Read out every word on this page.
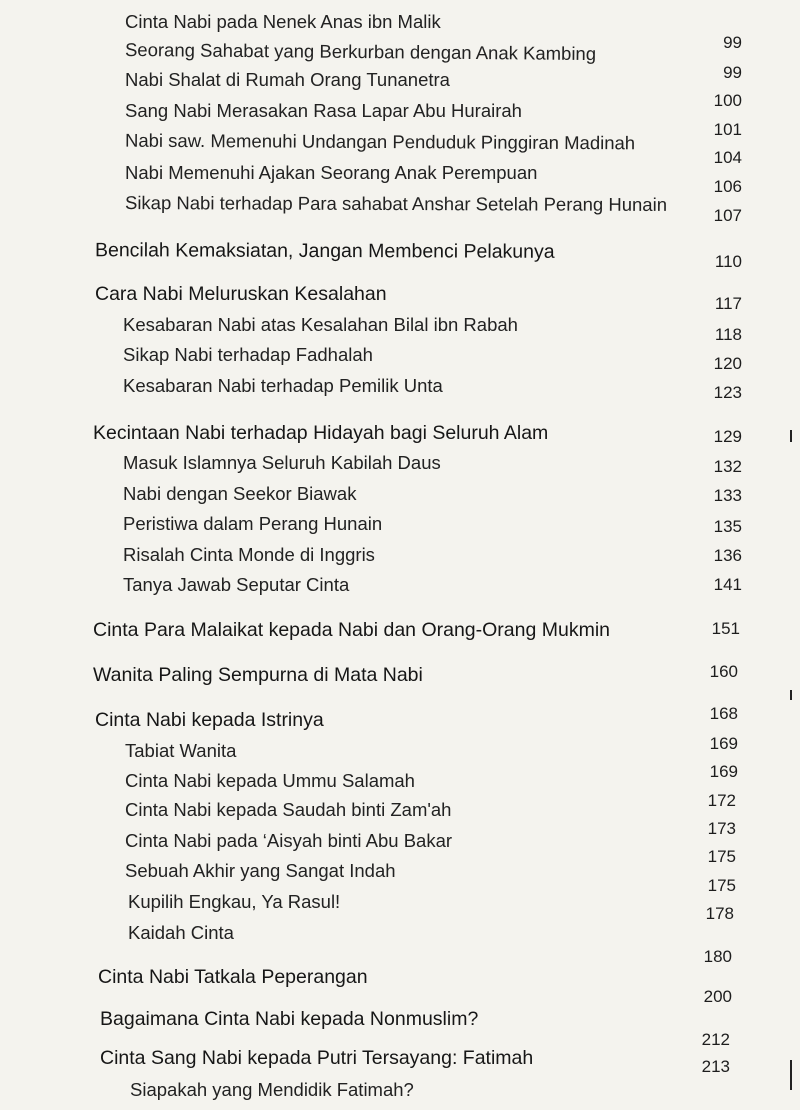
Cinta Nabi pada Nenek Anas ibn Malik
Seorang Sahabat yang Berkurban dengan Anak Kambing
Nabi Shalat di Rumah Orang Tunanetra
Sang Nabi Merasakan Rasa Lapar Abu Hurairah
Nabi saw. Memenuhi Undangan Penduduk Pinggiran Madinah
Nabi Memenuhi Ajakan Seorang Anak Perempuan
Sikap Nabi terhadap Para sahabat Anshar Setelah Perang Hunain
Bencilah Kemaksiatan, Jangan Membenci Pelakunya
Cara Nabi Meluruskan Kesalahan
Kesabaran Nabi atas Kesalahan Bilal ibn Rabah
Sikap Nabi terhadap Fadhalah
Kesabaran Nabi terhadap Pemilik Unta
Kecintaan Nabi terhadap Hidayah bagi Seluruh Alam
Masuk Islamnya Seluruh Kabilah Daus
Nabi dengan Seekor Biawak
Peristiwa dalam Perang Hunain
Risalah Cinta Monde di Inggris
Tanya Jawab Seputar Cinta
Cinta Para Malaikat kepada Nabi dan Orang-Orang Mukmin
Wanita Paling Sempurna di Mata Nabi
Cinta Nabi kepada Istrinya
Tabiat Wanita
Cinta Nabi kepada Ummu Salamah
Cinta Nabi kepada Saudah binti Zam'ah
Cinta Nabi pada ‘Aisyah binti Abu Bakar
Sebuah Akhir yang Sangat Indah
Kupilih Engkau, Ya Rasul!
Kaidah Cinta
Cinta Nabi Tatkala Peperangan
Bagaimana Cinta Nabi kepada Nonmuslim?
Cinta Sang Nabi kepada Putri Tersayang: Fatimah
Siapakah yang Mendidik Fatimah?
99
99
100
101
104
106
107
110
117
118
120
123
129
132
133
135
136
141
151
160
168
169
169
172
173
175
175
178
180
200
212
213
